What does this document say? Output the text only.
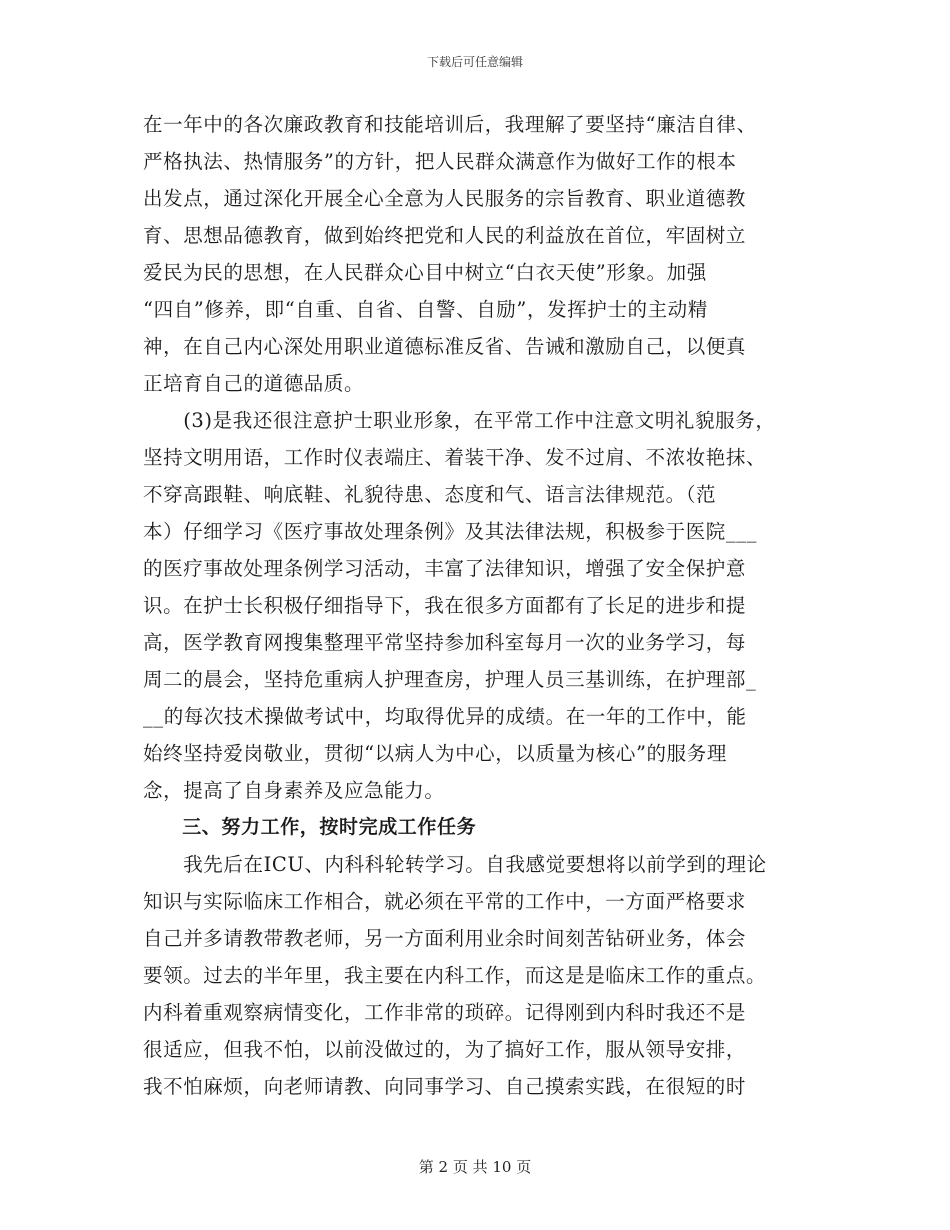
下载后可任意编辑
在一年中的各次廉政教育和技能培训后，我理解了要坚持“廉洁自律、
严格执法、热情服务”的方针，把人民群众满意作为做好工作的根本
出发点，通过深化开展全心全意为人民服务的宗旨教育、职业道德教
育、思想品德教育，做到始终把党和人民的利益放在首位，牢固树立
爱民为民的思想，在人民群众心目中树立“白衣天使”形象。加强
“四自”修养，即“自重、自省、自警、自励”，发挥护士的主动精
神，在自己内心深处用职业道德标准反省、告诫和激励自己，以便真
正培育自己的道德品质。
　　(3)是我还很注意护士职业形象，在平常工作中注意文明礼貌服务，
坚持文明用语，工作时仪表端庄、着装干净、发不过肩、不浓妆艳抹、
不穿高跟鞋、响底鞋、礼貌待患、态度和气、语言法律规范。（范
本）仔细学习《医疗事故处理条例》及其法律法规，积极参于医院___
的医疗事故处理条例学习活动，丰富了法律知识，增强了安全保护意
识。在护士长积极仔细指导下，我在很多方面都有了长足的进步和提
高，医学教育网搜集整理平常坚持参加科室每月一次的业务学习，每
周二的晨会，坚持危重病人护理查房，护理人员三基训练，在护理部_
__的每次技术操做考试中，均取得优异的成绩。在一年的工作中，能
始终坚持爱岗敬业，贯彻“以病人为中心，以质量为核心”的服务理
念，提高了自身素养及应急能力。
　　三、努力工作，按时完成工作任务
　　我先后在ICU、内科科轮转学习。自我感觉要想将以前学到的理论
知识与实际临床工作相合，就必须在平常的工作中，一方面严格要求
自己并多请教带教老师，另一方面利用业余时间刻苦钻研业务，体会
要领。过去的半年里，我主要在内科工作，而这是是临床工作的重点。
内科着重观察病情变化，工作非常的琐碎。记得刚到内科时我还不是
很适应，但我不怕，以前没做过的，为了搞好工作，服从领导安排，
我不怕麻烦，向老师请教、向同事学习、自己摸索实践，在很短的时
第 2 页 共 10 页
